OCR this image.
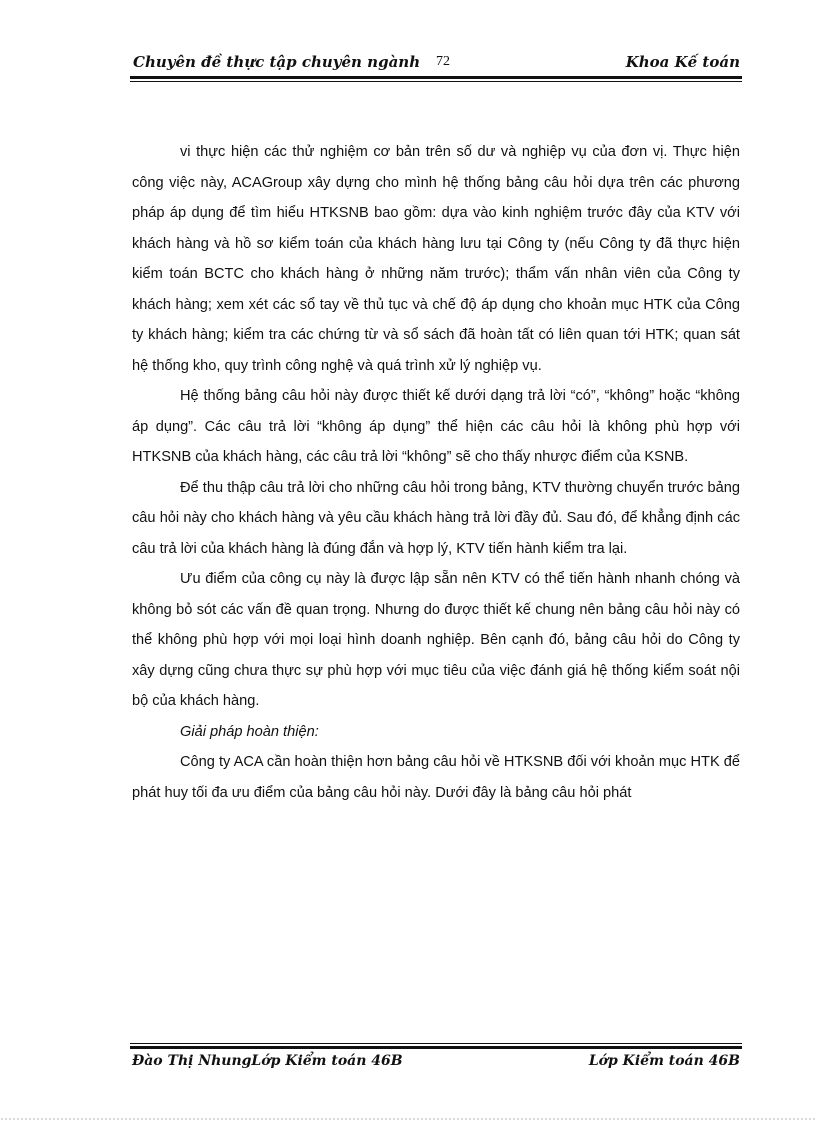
Chuyên đề thực tập chuyên ngành 72	Khoa Kế toán

vi thực hiện các thử nghiệm cơ bản trên số dư và nghiệp vụ của đơn vị. Thực hiện công việc này, ACAGroup xây dựng cho mình hệ thống bảng câu hỏi dựa trên các phương pháp áp dụng để tìm hiểu HTKSNB bao gồm: dựa vào kinh nghiệm trước đây của KTV với khách hàng và hồ sơ kiểm toán của khách hàng lưu tại Công ty (nếu Công ty đã thực hiện kiểm toán BCTC cho khách hàng ở những năm trước); thẩm vấn nhân viên của Công ty khách hàng; xem xét các sổ tay về thủ tục và chế độ áp dụng cho khoản mục HTK của Công ty khách hàng; kiểm tra các chứng từ và sổ sách đã hoàn tất có liên quan tới HTK; quan sát hệ thống kho, quy trình công nghệ và quá trình xử lý nghiệp vụ.

Hệ thống bảng câu hỏi này được thiết kế dưới dạng trả lời “có”, “không” hoặc “không áp dụng”. Các câu trả lời “không áp dụng” thể hiện các câu hỏi là không phù hợp với HTKSNB của khách hàng, các câu trả lời “không” sẽ cho thấy nhược điểm của KSNB.

Để thu thập câu trả lời cho những câu hỏi trong bảng, KTV thường chuyển trước bảng câu hỏi này cho khách hàng và yêu cầu khách hàng trả lời đầy đủ. Sau đó, để khẳng định các câu trả lời của khách hàng là đúng đắn và hợp lý, KTV tiến hành kiểm tra lại.

Ưu điểm của công cụ này là được lập sẵn nên KTV có thể tiến hành nhanh chóng và không bỏ sót các vấn đề quan trọng. Nhưng do được thiết kế chung nên bảng câu hỏi này có thể không phù hợp với mọi loại hình doanh nghiệp. Bên cạnh đó, bảng câu hỏi do Công ty xây dựng cũng chưa thực sự phù hợp với mục tiêu của việc đánh giá hệ thống kiểm soát nội bộ của khách hàng.

Giải pháp hoàn thiện:

Công ty ACA cần hoàn thiện hơn bảng câu hỏi về HTKSNB đối với khoản mục HTK để phát huy tối đa ưu điểm của bảng câu hỏi này. Dưới đây là bảng câu hỏi phát

Đào Thị NhungLớp Kiểm toán 46B	Lớp Kiểm toán 46B
